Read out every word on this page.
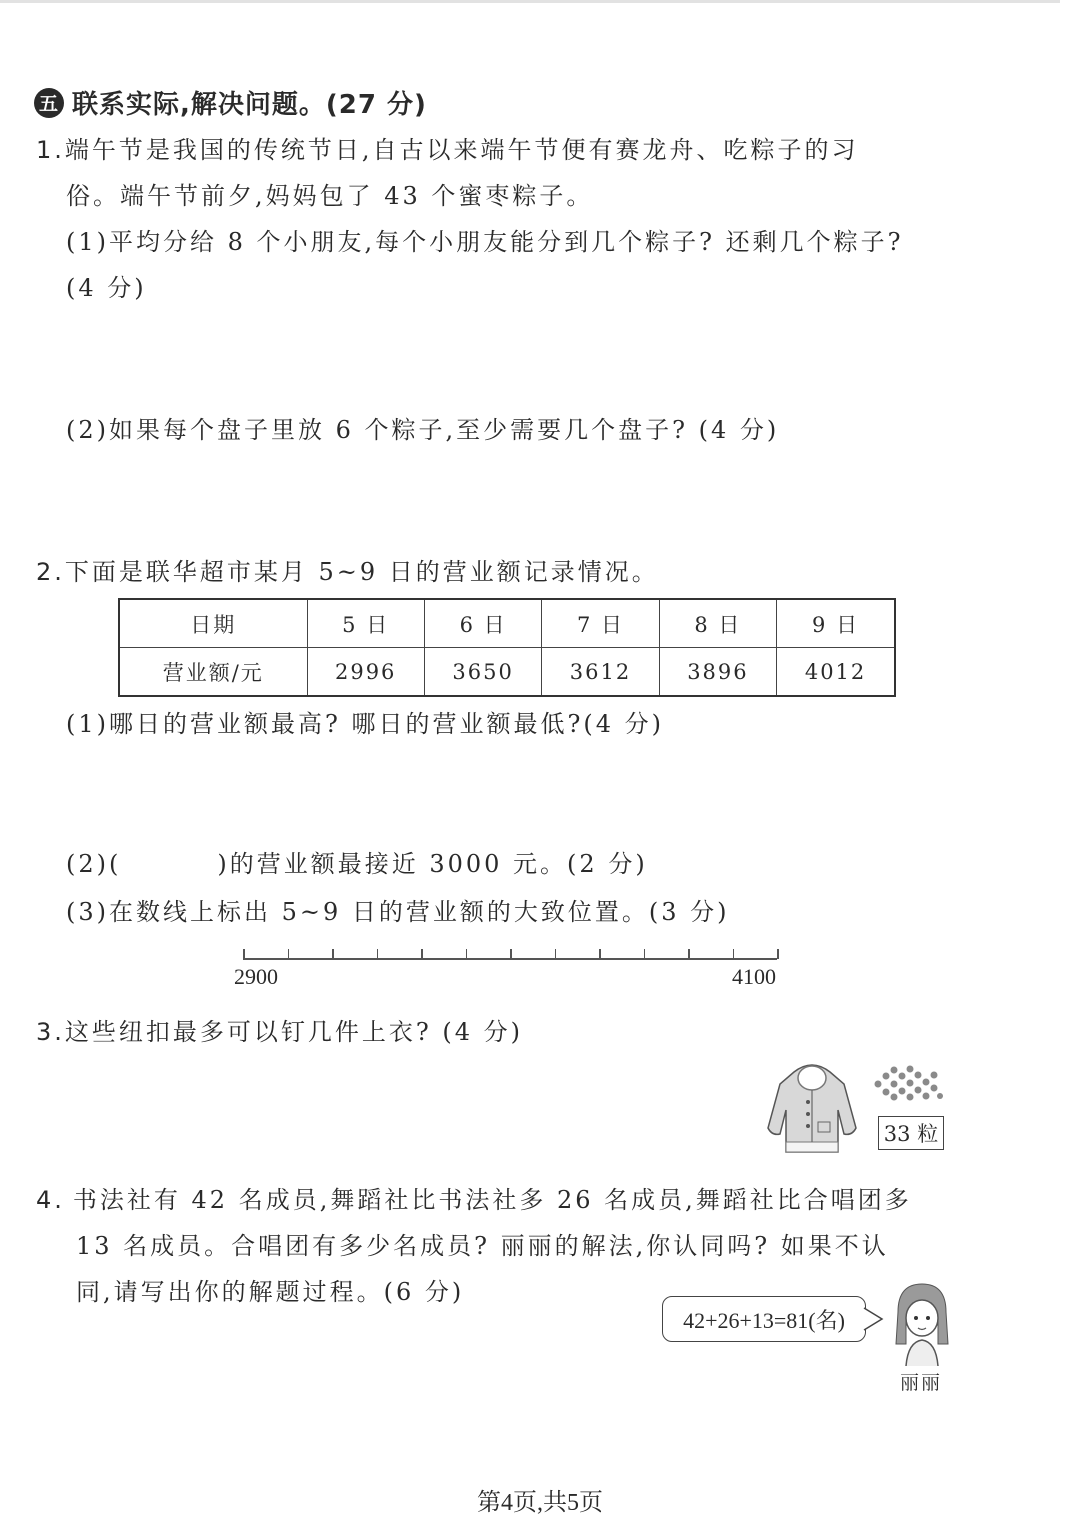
五 联系实际,解决问题。(27 分)
1.端午节是我国的传统节日,自古以来端午节便有赛龙舟、吃粽子的习
俗。端午节前夕,妈妈包了 43 个蜜枣粽子。
(1)平均分给 8 个小朋友,每个小朋友能分到几个粽子? 还剩几个粽子?
(4 分)
(2)如果每个盘子里放 6 个粽子,至少需要几个盘子? (4 分)
2.下面是联华超市某月 5~9 日的营业额记录情况。
日期	5 日	6 日	7 日	8 日	9 日
营业额/元	2996	3650	3612	3896	4012
(1)哪日的营业额最高? 哪日的营业额最低?(4 分)
(2)(	)的营业额最接近 3000 元。(2 分)
(3)在数线上标出 5~9 日的营业额的大致位置。(3 分)
2900	4100
3.这些纽扣最多可以钉几件上衣? (4 分)
33 粒
4. 书法社有 42 名成员,舞蹈社比书法社多 26 名成员,舞蹈社比合唱团多
13 名成员。合唱团有多少名成员? 丽丽的解法,你认同吗? 如果不认
同,请写出你的解题过程。(6 分)
42+26+13=81(名)
丽丽
第4页,共5页
